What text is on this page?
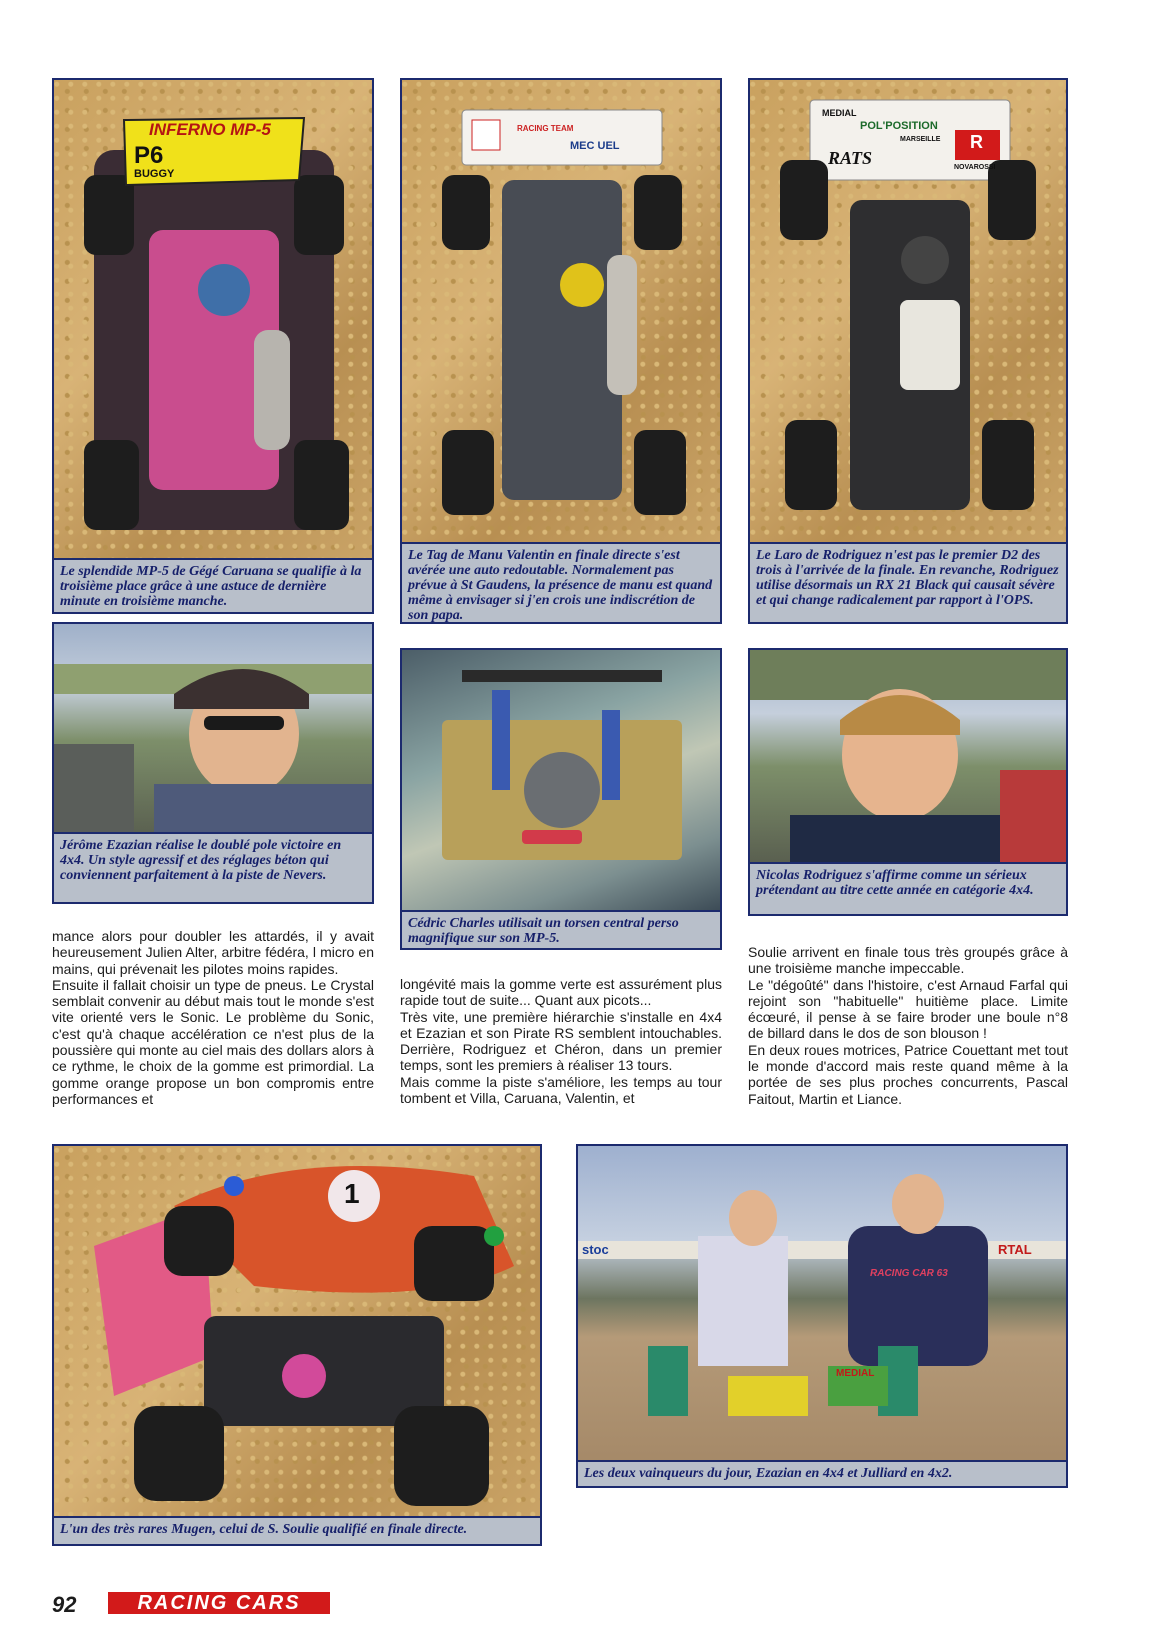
INFERNO MP-5
P6
BUGGY
Le splendide MP-5 de Gégé Caruana se qualifie à la troisième place grâce à une astuce de dernière minute en troisième manche.
RACING TEAM
MEC UEL
Le Tag de Manu Valentin en finale directe s'est avérée une auto redoutable. Normalement pas prévue à St Gaudens, la présence de manu est quand même à envisager si j'en crois une indiscrétion de son papa.
MEDIAL
POL'POSITION
MARSEILLE
RATS
R
NOVAROSSI
Le Laro de Rodriguez n'est pas le premier D2 des trois à l'arrivée de la finale. En revanche, Rodriguez utilise désormais un RX 21 Black qui causait sévère et qui change radicalement par rapport à l'OPS.
Jérôme Ezazian réalise le doublé pole victoire en 4x4. Un style agressif et des réglages béton qui conviennent parfaitement à la piste de Nevers.
Cédric Charles utilisait un torsen central perso magnifique sur son MP-5.
Nicolas Rodriguez s'affirme comme un sérieux prétendant au titre cette année en catégorie 4x4.

mance alors pour doubler les attardés, il y avait heureusement Julien Alter, arbitre fédéra, l micro en mains, qui prévenait les pilotes moins rapides.

Ensuite il fallait choisir un type de pneus. Le Crystal semblait convenir au début mais tout le monde s'est vite orienté vers le Sonic. Le problème du Sonic, c'est qu'à chaque accélération ce n'est plus de la poussière qui monte au ciel mais des dollars alors à ce rythme, le choix de la gomme est primordial. La gomme orange propose un bon compromis entre performances et

longévité mais la gomme verte est assurément plus rapide tout de suite... Quant aux picots...

Très vite, une première hiérarchie s'installe en 4x4 et Ezazian et son Pirate RS semblent intouchables. Derrière, Rodriguez et Chéron, dans un premier temps, sont les premiers à réaliser 13 tours.

Mais comme la piste s'améliore, les temps au tour tombent et Villa, Caruana, Valentin, et

Soulie arrivent en finale tous très groupés grâce à une troisième manche impeccable.

Le "dégoûté" dans l'histoire, c'est Arnaud Farfal qui rejoint son "habituelle" huitième place. Limite écœuré, il pense à se faire broder une boule n°8 de billard dans le dos de son blouson !

En deux roues motrices, Patrice Couettant met tout le monde d'accord mais reste quand même à la portée de ses plus proches concurrents, Pascal Faitout, Martin et Liance.

1
L'un des très rares Mugen, celui de S. Soulie qualifié en finale directe.
stoc	RTAL
RACING CAR 63
MEDIAL
Les deux vainqueurs du jour, Ezazian en 4x4 et Julliard en 4x2.
92	RACING CARS
